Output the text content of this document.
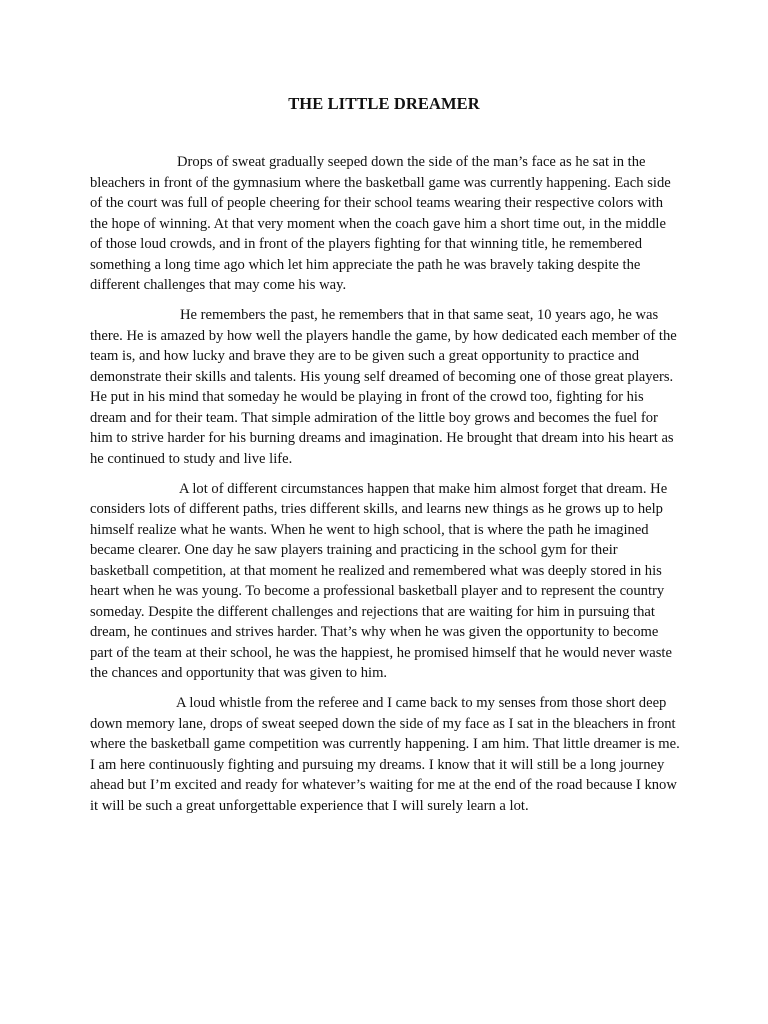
THE LITTLE DREAMER

Drops of sweat gradually seeped down the side of the man’s face as he sat in the bleachers in front of the gymnasium where the basketball game was currently happening. Each side of the court was full of people cheering for their school teams wearing their respective colors with the hope of winning. At that very moment when the coach gave him a short time out, in the middle of those loud crowds, and in front of the players fighting for that winning title, he remembered something a long time ago which let him appreciate the path he was bravely taking despite the different challenges that may come his way.

He remembers the past, he remembers that in that same seat, 10 years ago, he was there. He is amazed by how well the players handle the game, by how dedicated each member of the team is, and how lucky and brave they are to be given such a great opportunity to practice and demonstrate their skills and talents. His young self dreamed of becoming one of those great players. He put in his mind that someday he would be playing in front of the crowd too, fighting for his dream and for their team. That simple admiration of the little boy grows and becomes the fuel for him to strive harder for his burning dreams and imagination. He brought that dream into his heart as he continued to study and live life.

A lot of different circumstances happen that make him almost forget that dream. He considers lots of different paths, tries different skills, and learns new things as he grows up to help himself realize what he wants. When he went to high school, that is where the path he imagined became clearer. One day he saw players training and practicing in the school gym for their basketball competition, at that moment he realized and remembered what was deeply stored in his heart when he was young. To become a professional basketball player and to represent the country someday. Despite the different challenges and rejections that are waiting for him in pursuing that dream, he continues and strives harder. That’s why when he was given the opportunity to become part of the team at their school, he was the happiest, he promised himself that he would never waste the chances and opportunity that was given to him.

A loud whistle from the referee and I came back to my senses from those short deep down memory lane, drops of sweat seeped down the side of my face as I sat in the bleachers in front where the basketball game competition was currently happening. I am him. That little dreamer is me. I am here continuously fighting and pursuing my dreams. I know that it will still be a long journey ahead but I’m excited and ready for whatever’s waiting for me at the end of the road because I know it will be such a great unforgettable experience that I will surely learn a lot.
